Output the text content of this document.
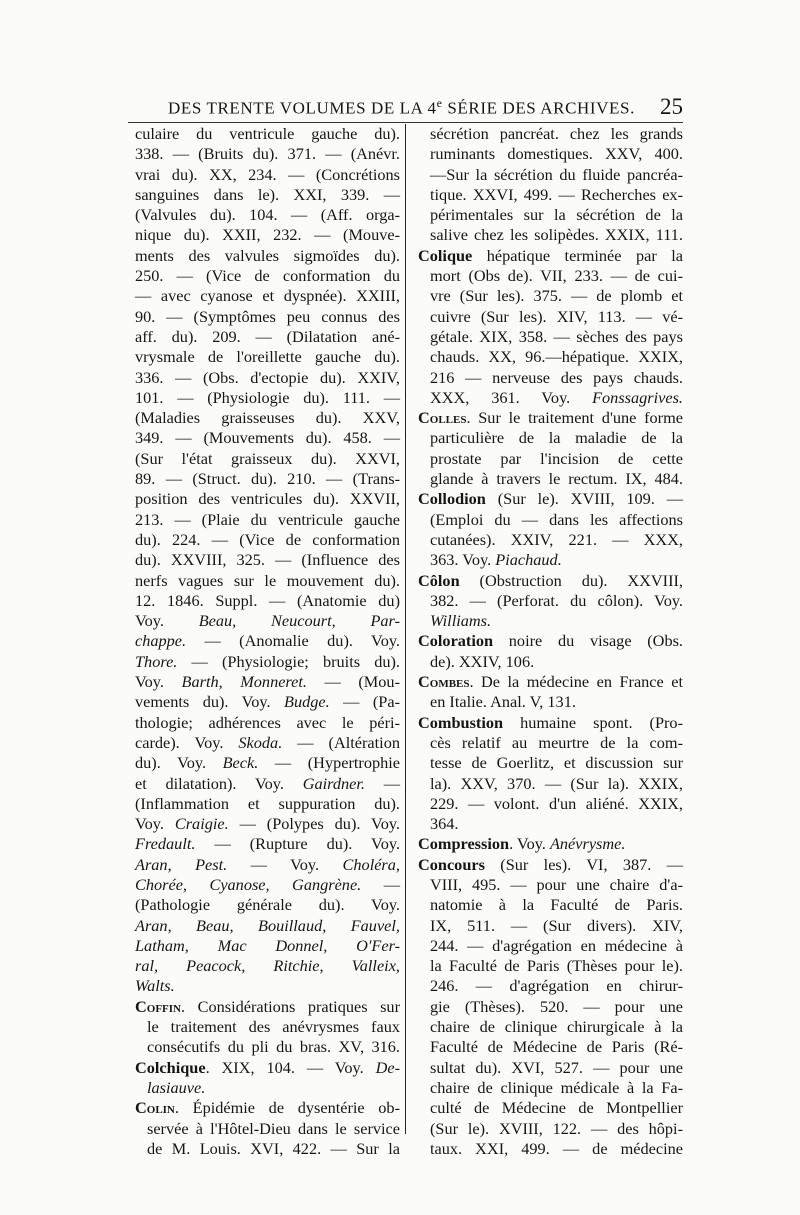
DES TRENTE VOLUMES DE LA 4e SÉRIE DES ARCHIVES. 25
culaire du ventricule gauche du).
338. — (Bruits du). 371. — (Anévr.
vrai du). XX, 234. — (Concrétions
sanguines dans le). XXI, 339. —
(Valvules du). 104. — (Aff. orga-
nique du). XXII, 232. — (Mouve-
ments des valvules sigmoïdes du).
250. — (Vice de conformation du
— avec cyanose et dyspnée). XXIII,
90. — (Symptômes peu connus des
aff. du). 209. — (Dilatation ané-
vrysmale de l'oreillette gauche du).
336. — (Obs. d'ectopie du). XXIV,
101. — (Physiologie du). 111. —
(Maladies graisseuses du). XXV,
349. — (Mouvements du). 458. —
(Sur l'état graisseux du). XXVI,
89. — (Struct. du). 210. — (Trans-
position des ventricules du). XXVII,
213. — (Plaie du ventricule gauche
du). 224. — (Vice de conformation
du). XXVIII, 325. — (Influence des
nerfs vagues sur le mouvement du).
12. 1846. Suppl. — (Anatomie du)
Voy. Beau, Neucourt, Par-
chappe. — (Anomalie du). Voy.
Thore. — (Physiologie; bruits du).
Voy. Barth, Monneret. — (Mou-
vements du). Voy. Budge. — (Pa-
thologie; adhérences avec le péri-
carde). Voy. Skoda. — (Altération
du). Voy. Beck. — (Hypertrophie
et dilatation). Voy. Gairdner. —
(Inflammation et suppuration du).
Voy. Craigie. — (Polypes du). Voy.
Fredault. — (Rupture du). Voy.
Aran, Pest. — Voy. Choléra,
Chorée, Cyanose, Gangrène. —
(Pathologie générale du). Voy.
Aran, Beau, Bouillaud, Fauvel,
Latham, Mac Donnel, O'Fer-
ral, Peacock, Ritchie, Valleix,
Walts.
Coffin. Considérations pratiques sur
le traitement des anévrysmes faux
consécutifs du pli du bras. XV, 316.
Colchique. XIX, 104. — Voy. De-
lasiauve.
Colin. Épidémie de dysentérie ob-
servée à l'Hôtel-Dieu dans le service
de M. Louis. XVI, 422. — Sur la
sécrétion pancréat. chez les grands
ruminants domestiques. XXV, 400.
—Sur la sécrétion du fluide pancréa-
tique. XXVI, 499. — Recherches ex-
périmentales sur la sécrétion de la
salive chez les solipèdes. XXIX, 111.
Colique hépatique terminée par la
mort (Obs de). VII, 233. — de cui-
vre (Sur les). 375. — de plomb et
cuivre (Sur les). XIV, 113. — vé-
gétale. XIX, 358. — sèches des pays
chauds. XX, 96.—hépatique. XXIX,
216 — nerveuse des pays chauds.
XXX, 361. Voy. Fonssagrives.
Colles. Sur le traitement d'une forme
particulière de la maladie de la
prostate par l'incision de cette
glande à travers le rectum. IX, 484.
Collodion (Sur le). XVIII, 109. —
(Emploi du — dans les affections
cutanées). XXIV, 221. — XXX,
363. Voy. Piachaud.
Côlon (Obstruction du). XXVIII,
382. — (Perforat. du côlon). Voy.
Williams.
Coloration noire du visage (Obs.
de). XXIV, 106.
Combes. De la médecine en France et
en Italie. Anal. V, 131.
Combustion humaine spont. (Pro-
cès relatif au meurtre de la com-
tesse de Goerlitz, et discussion sur
la). XXV, 370. — (Sur la). XXIX,
229. — volont. d'un aliéné. XXIX,
364.
Compression. Voy. Anévrysme.
Concours (Sur les). VI, 387. —
VIII, 495. — pour une chaire d'a-
natomie à la Faculté de Paris.
IX, 511. — (Sur divers). XIV,
244. — d'agrégation en médecine à
la Faculté de Paris (Thèses pour le).
246. — d'agrégation en chirur-
gie (Thèses). 520. — pour une
chaire de clinique chirurgicale à la
Faculté de Médecine de Paris (Ré-
sultat du). XVI, 527. — pour une
chaire de clinique médicale à la Fa-
culté de Médecine de Montpellier
(Sur le). XVIII, 122. — des hôpi-
taux. XXI, 499. — de médecine
